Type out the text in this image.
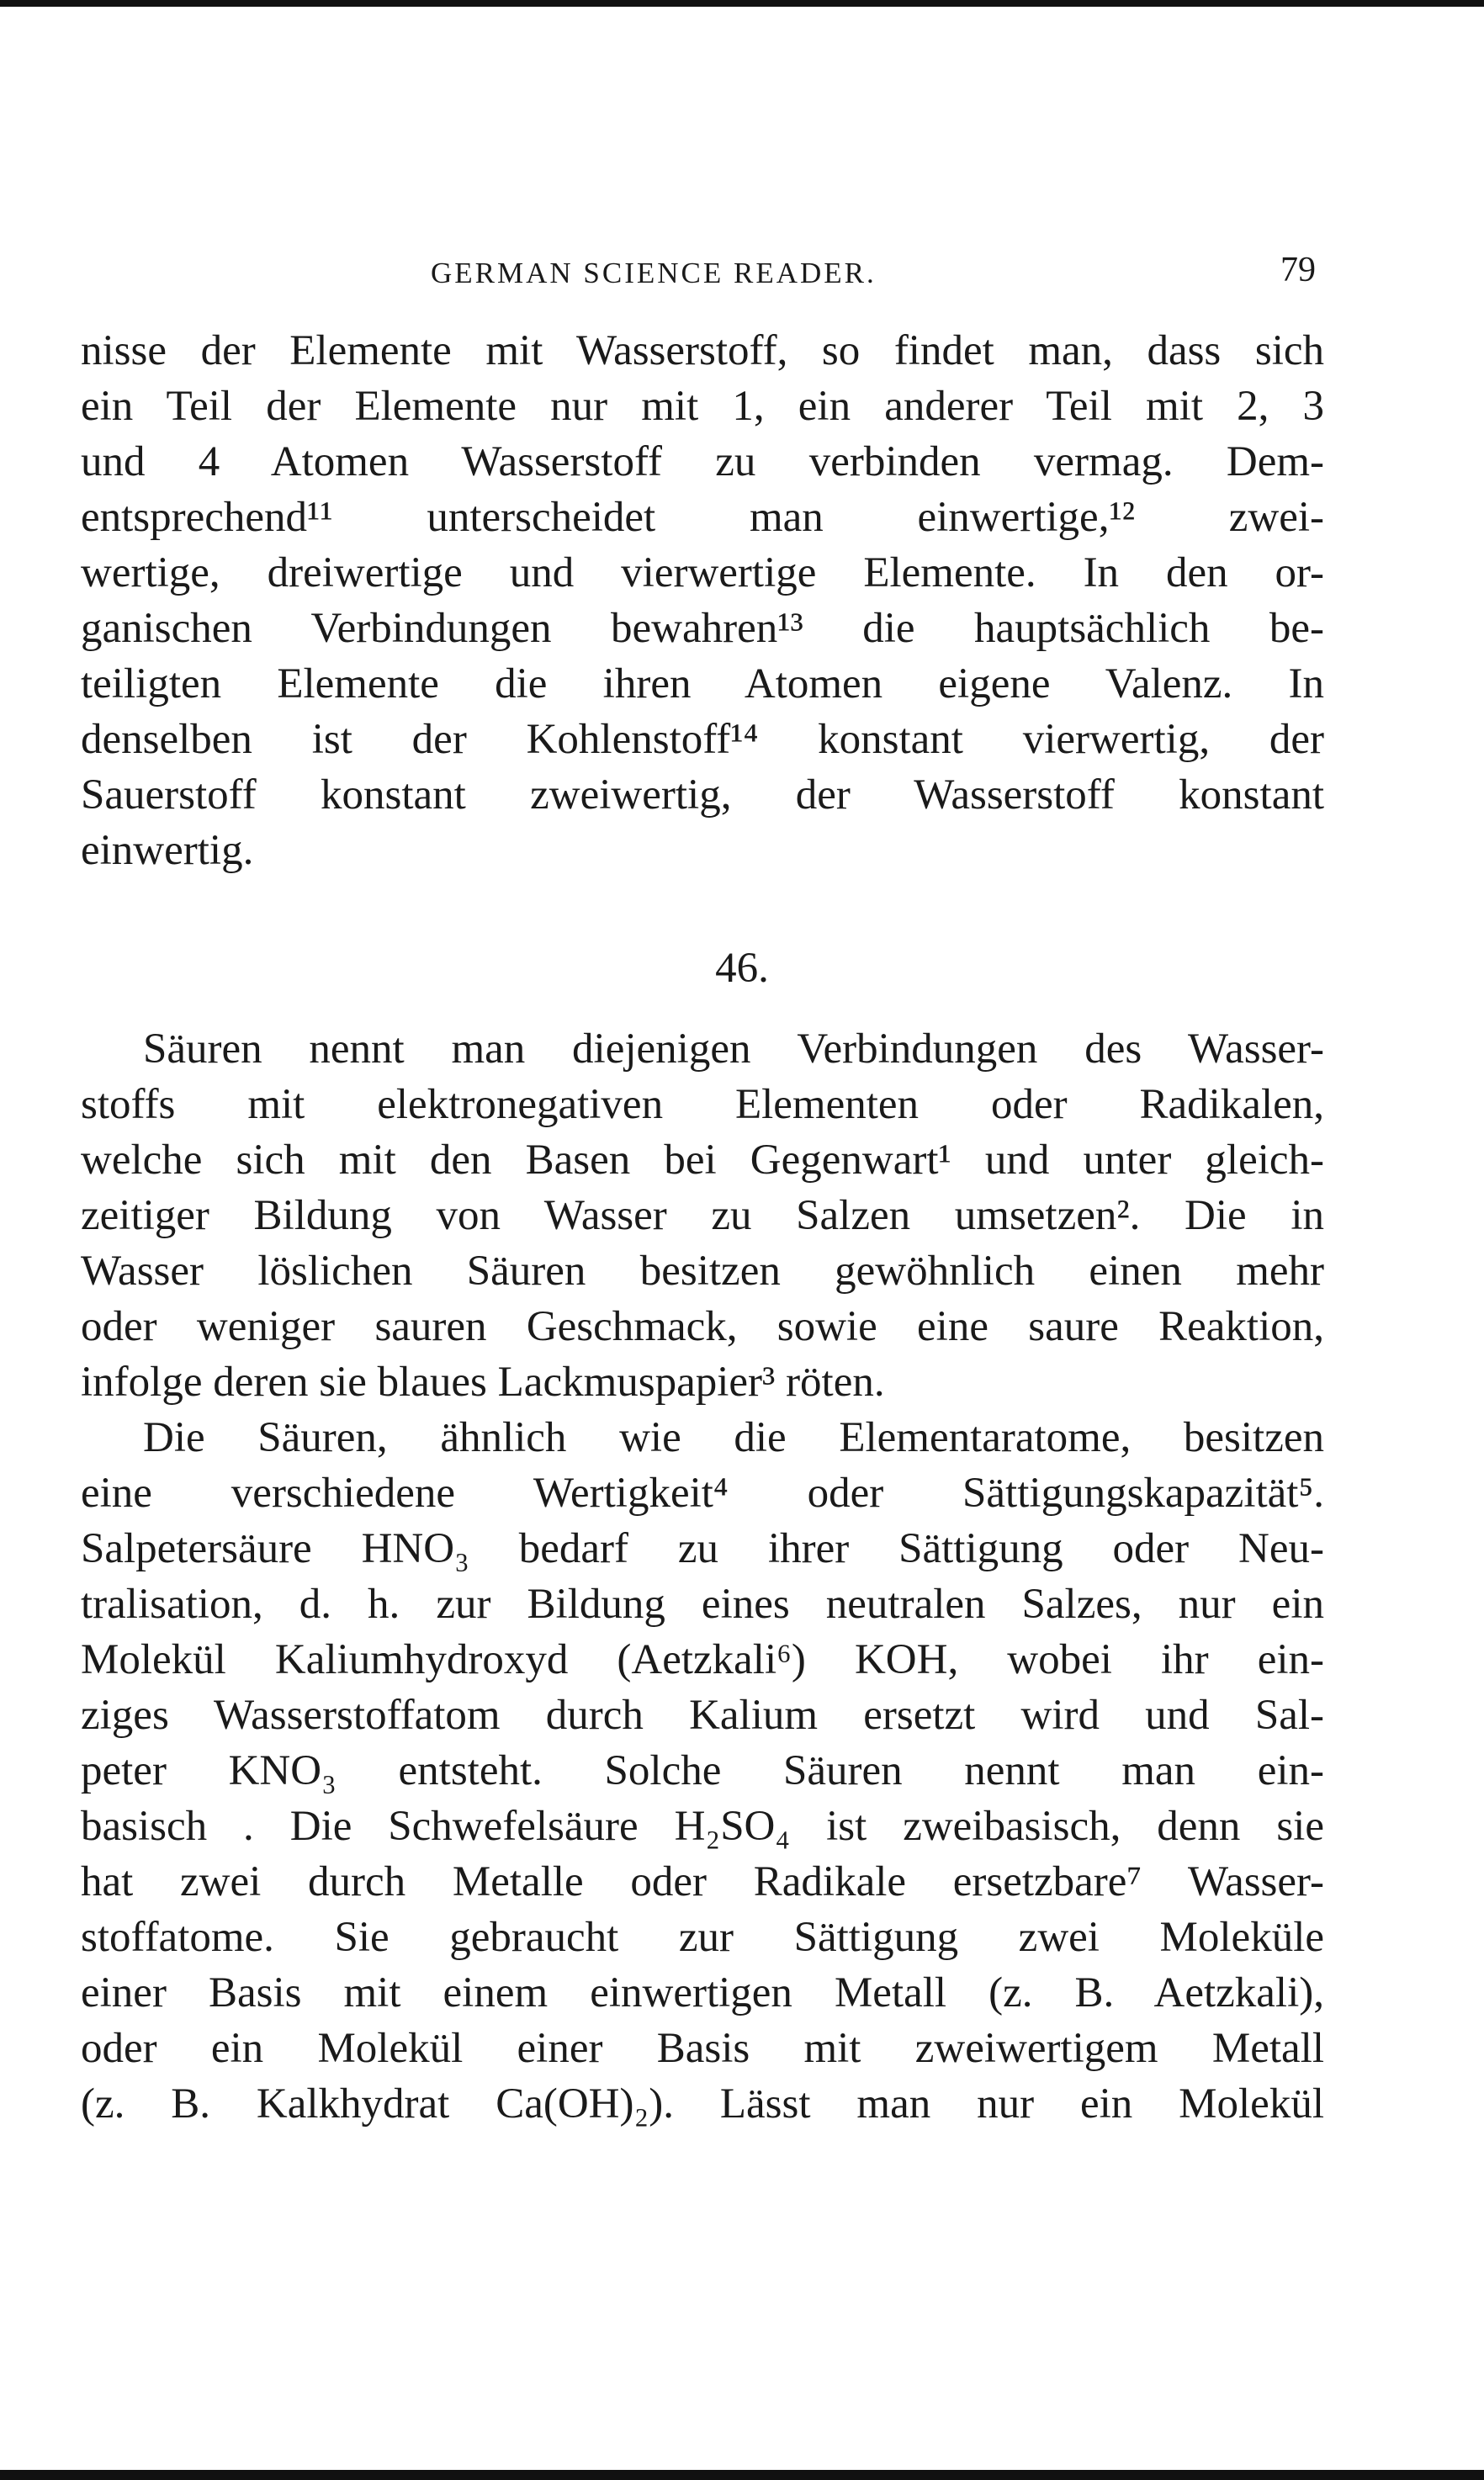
GERMAN SCIENCE READER.	79
nisse der Elemente mit Wasserstoff, so findet man, dass sich
ein Teil der Elemente nur mit 1, ein anderer Teil mit 2, 3
und 4 Atomen Wasserstoff zu verbinden vermag. Dem-
entsprechend¹¹ unterscheidet man einwertige,¹² zwei-
wertige, dreiwertige und vierwertige Elemente. In den or-
ganischen Verbindungen bewahren¹³ die hauptsächlich be-
teiligten Elemente die ihren Atomen eigene Valenz. In
denselben ist der Kohlenstoff¹⁴ konstant vierwertig, der
Sauerstoff konstant zweiwertig, der Wasserstoff konstant
einwertig.
46.
Säuren nennt man diejenigen Verbindungen des Wasser-
stoffs mit elektronegativen Elementen oder Radikalen,
welche sich mit den Basen bei Gegenwart¹ und unter gleich-
zeitiger Bildung von Wasser zu Salzen umsetzen². Die in
Wasser löslichen Säuren besitzen gewöhnlich einen mehr
oder weniger sauren Geschmack, sowie eine saure Reaktion,
infolge deren sie blaues Lackmuspapier³ röten.
Die Säuren, ähnlich wie die Elementaratome, besitzen
eine verschiedene Wertigkeit⁴ oder Sättigungskapazität⁵.
Salpetersäure HNO₃ bedarf zu ihrer Sättigung oder Neu-
tralisation, d. h. zur Bildung eines neutralen Salzes, nur ein
Molekül Kaliumhydroxyd (Aetzkali⁶) KOH, wobei ihr ein-
ziges Wasserstoffatom durch Kalium ersetzt wird und Sal-
peter KNO₃ entsteht. Solche Säuren nennt man ein-
basisch . Die Schwefelsäure H₂SO₄ ist zweibasisch, denn sie
hat zwei durch Metalle oder Radikale ersetzbare⁷ Wasser-
stoffatome. Sie gebraucht zur Sättigung zwei Moleküle
einer Basis mit einem einwertigen Metall (z. B. Aetzkali),
oder ein Molekül einer Basis mit zweiwertigem Metall
(z. B. Kalkhydrat Ca(OH)₂). Lässt man nur ein Molekül
